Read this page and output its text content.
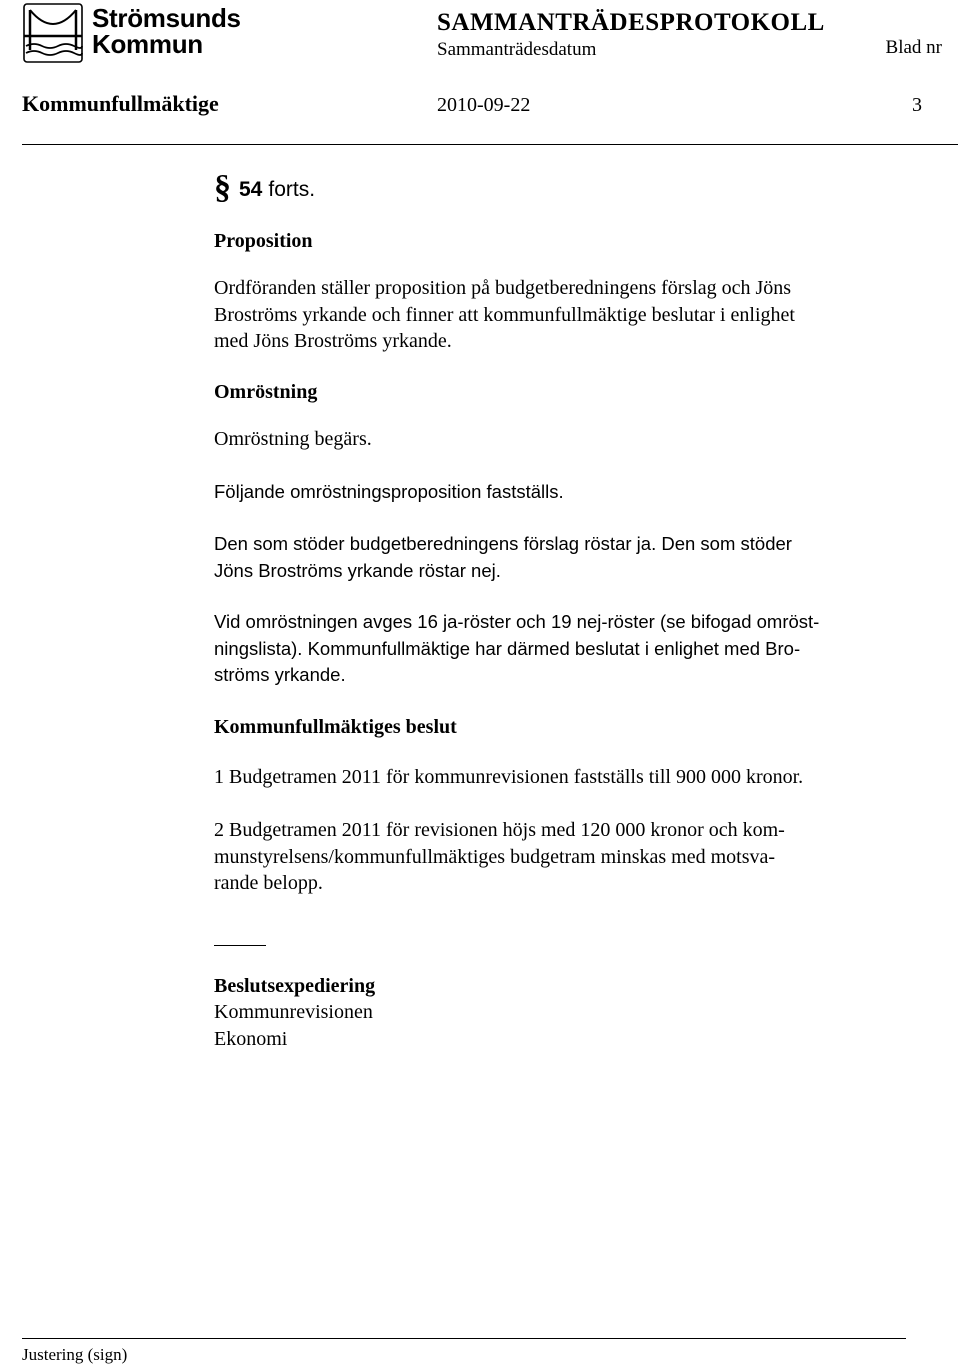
Strömsunds
Kommun
SAMMANTRÄDESPROTOKOLL
Sammanträdesdatum	Blad nr
Kommunfullmäktige	2010-09-22	3
§ 54 forts.
Proposition
Ordföranden ställer proposition på budgetberedningens förslag och Jöns
Broströms yrkande och finner att kommunfullmäktige beslutar i enlighet
med Jöns Broströms yrkande.
Omröstning
Omröstning begärs.
Följande omröstningsproposition fastställs.
Den som stöder budgetberedningens förslag röstar ja. Den som stöder
Jöns Broströms yrkande röstar nej.
Vid omröstningen avges 16 ja-röster och 19 nej-röster (se bifogad omröst-
ningslista). Kommunfullmäktige har därmed beslutat i enlighet med Bro-
ströms yrkande.
Kommunfullmäktiges beslut
1 Budgetramen 2011 för kommunrevisionen fastställs till 900 000 kronor.
2 Budgetramen 2011 för revisionen höjs med 120 000 kronor och kom-
munstyrelsens/kommunfullmäktiges budgetram minskas med motsva-
rande belopp.
Beslutsexpediering
Kommunrevisionen
Ekonomi
Justering (sign)
